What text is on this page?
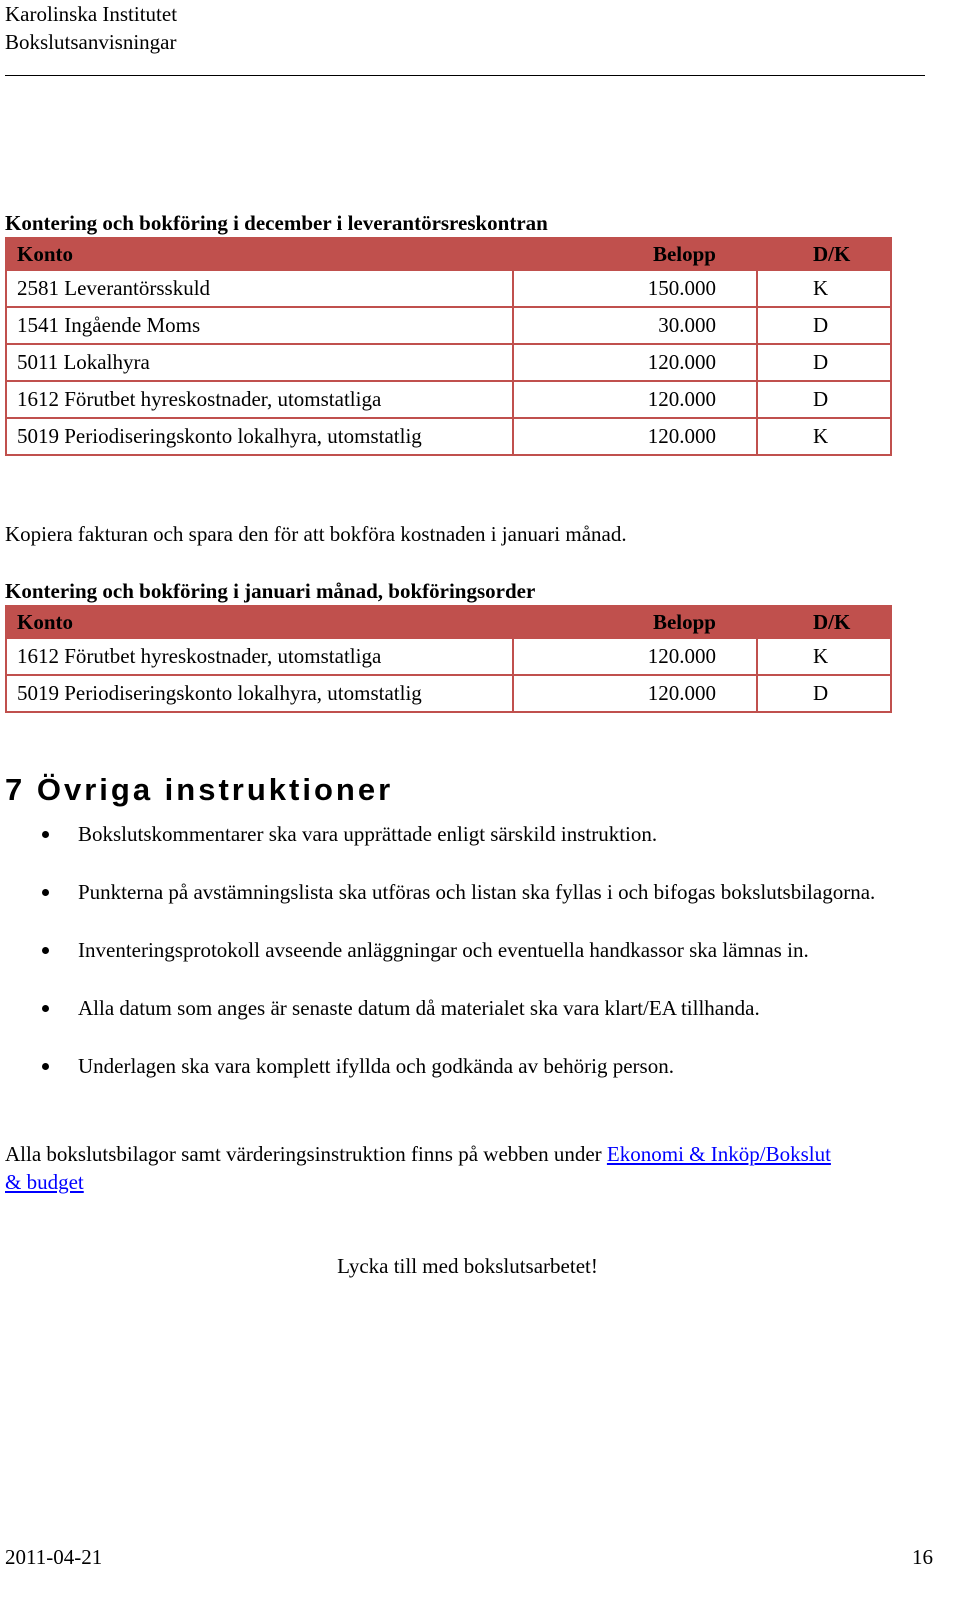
Karolinska Institutet
Bokslutsanvisningar
Kontering och bokföring i december i leverantörsreskontran
Konto	Belopp	D/K
2581 Leverantörsskuld	150.000	K
1541 Ingående Moms	30.000	D
5011 Lokalhyra	120.000	D
1612 Förutbet hyreskostnader, utomstatliga	120.000	D
5019 Periodiseringskonto lokalhyra, utomstatlig	120.000	K
Kopiera fakturan och spara den för att bokföra kostnaden i januari månad.
Kontering och bokföring i januari månad, bokföringsorder
Konto	Belopp	D/K
1612 Förutbet hyreskostnader, utomstatliga	120.000	K
5019 Periodiseringskonto lokalhyra, utomstatlig	120.000	D
7 Övriga instruktioner
Bokslutskommentarer ska vara upprättade enligt särskild instruktion.
Punkterna på avstämningslista ska utföras och listan ska fyllas i och bifogas bokslutsbilagorna.
Inventeringsprotokoll avseende anläggningar och eventuella handkassor ska lämnas in.
Alla datum som anges är senaste datum då materialet ska vara klart/EA tillhanda.
Underlagen ska vara komplett ifyllda och godkända av behörig person.
Alla bokslutsbilagor samt värderingsinstruktion finns på webben under Ekonomi & Inköp/Bokslut & budget
Lycka till med bokslutsarbetet!
2011-04-21	16
